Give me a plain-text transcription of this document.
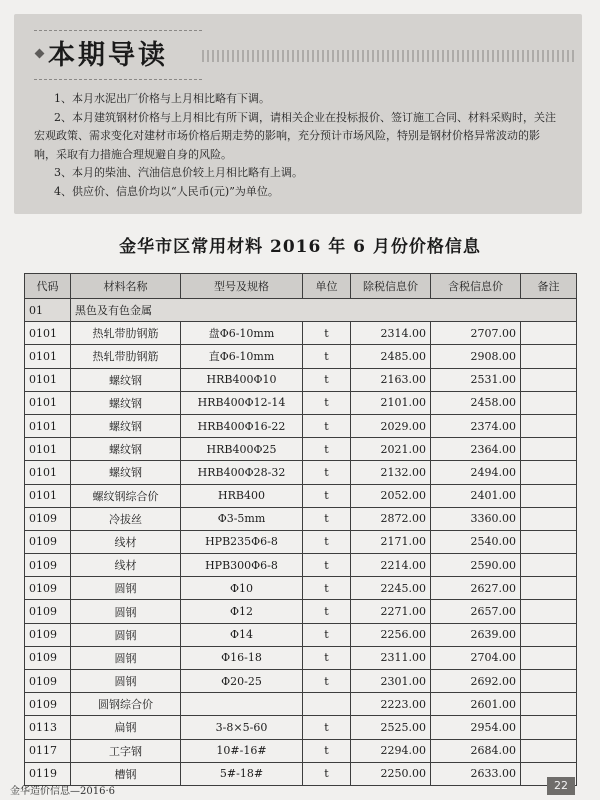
本期导读

1、本月水泥出厂价格与上月相比略有下调。

2、本月建筑钢材价格与上月相比有所下调，请相关企业在投标报价、签订施工合同、材料采购时，关注

宏观政策、需求变化对建材市场价格后期走势的影响，充分预计市场风险，特别是钢材价格异常波动的影

响，采取有力措施合理规避自身的风险。

3、本月的柴油、汽油信息价较上月相比略有上调。

4、供应价、信息价均以“人民币(元)”为单位。

金华市区常用材料 2016 年 6 月份价格信息
代码	材料名称	型号及规格	单位	除税信息价	含税信息价	备注
01	黑色及有色金属					
0101	热轧带肋钢筋	盘Φ6-10mm	t	2314.00	2707.00	
0101	热轧带肋钢筋	直Φ6-10mm	t	2485.00	2908.00	
0101	螺纹钢	HRB400Φ10	t	2163.00	2531.00	
0101	螺纹钢	HRB400Φ12-14	t	2101.00	2458.00	
0101	螺纹钢	HRB400Φ16-22	t	2029.00	2374.00	
0101	螺纹钢	HRB400Φ25	t	2021.00	2364.00	
0101	螺纹钢	HRB400Φ28-32	t	2132.00	2494.00	
0101	螺纹钢综合价	HRB400	t	2052.00	2401.00	
0109	冷拔丝	Φ3-5mm	t	2872.00	3360.00	
0109	线材	HPB235Φ6-8	t	2171.00	2540.00	
0109	线材	HPB300Φ6-8	t	2214.00	2590.00	
0109	圆钢	Φ10	t	2245.00	2627.00	
0109	圆钢	Φ12	t	2271.00	2657.00	
0109	圆钢	Φ14	t	2256.00	2639.00	
0109	圆钢	Φ16-18	t	2311.00	2704.00	
0109	圆钢	Φ20-25	t	2301.00	2692.00	
0109	圆钢综合价			2223.00	2601.00	
0113	扁钢	3-8×5-60	t	2525.00	2954.00	
0117	工字钢	10#-16#	t	2294.00	2684.00	
0119	槽钢	5#-18#	t	2250.00	2633.00	
金华造价信息—2016·6	22
